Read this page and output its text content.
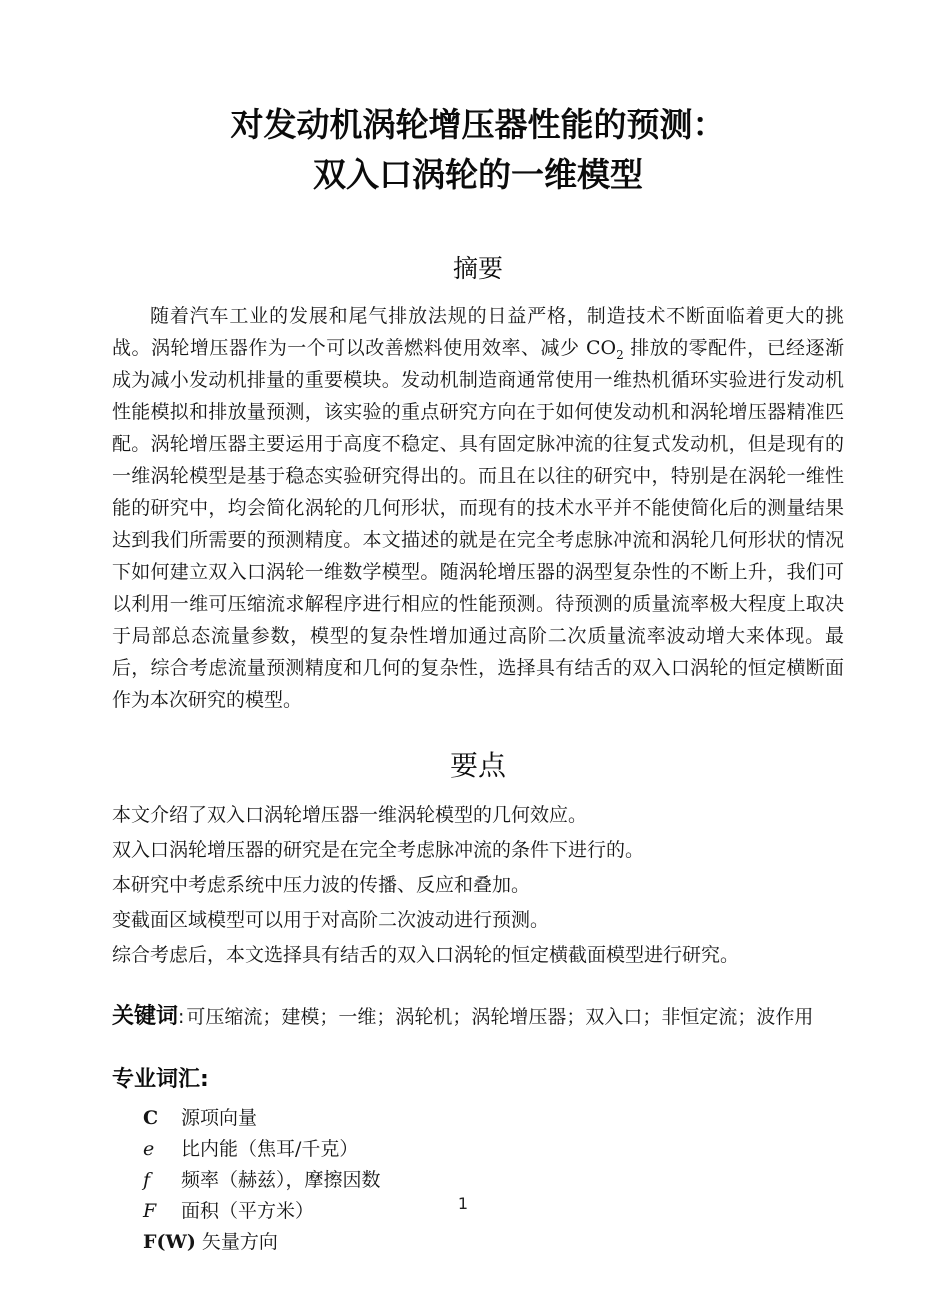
对发动机涡轮增压器性能的预测：
双入口涡轮的一维模型
摘要

随着汽车工业的发展和尾气排放法规的日益严格，制造技术不断面临着更大的挑战。涡轮增压器作为一个可以改善燃料使用效率、减少 $CO_2$ 排放的零配件，已经逐渐成为减小发动机排量的重要模块。发动机制造商通常使用一维热机循环实验进行发动机性能模拟和排放量预测，该实验的重点研究方向在于如何使发动机和涡轮增压器精准匹配。涡轮增压器主要运用于高度不稳定、具有固定脉冲流的往复式发动机，但是现有的一维涡轮模型是基于稳态实验研究得出的。而且在以往的研究中，特别是在涡轮一维性能的研究中，均会简化涡轮的几何形状，而现有的技术水平并不能使简化后的测量结果达到我们所需要的预测精度。本文描述的就是在完全考虑脉冲流和涡轮几何形状的情况下如何建立双入口涡轮一维数学模型。随涡轮增压器的涡型复杂性的不断上升，我们可以利用一维可压缩流求解程序进行相应的性能预测。待预测的质量流率极大程度上取决于局部总态流量参数，模型的复杂性增加通过高阶二次质量流率波动增大来体现。最后，综合考虑流量预测精度和几何的复杂性，选择具有结舌的双入口涡轮的恒定横断面作为本次研究的模型。

要点
本文介绍了双入口涡轮增压器一维涡轮模型的几何效应。
双入口涡轮增压器的研究是在完全考虑脉冲流的条件下进行的。
本研究中考虑系统中压力波的传播、反应和叠加。
变截面区域模型可以用于对高阶二次波动进行预测。
综合考虑后，本文选择具有结舌的双入口涡轮的恒定横截面模型进行研究。

关键词: 可压缩流；建模；一维；涡轮机；涡轮增压器；双入口；非恒定流；波作用

专业词汇:
C 源项向量
e 比内能（焦耳/千克）
f 频率（赫兹），摩擦因数
F 面积（平方米）
F(W) 矢量方向
1
